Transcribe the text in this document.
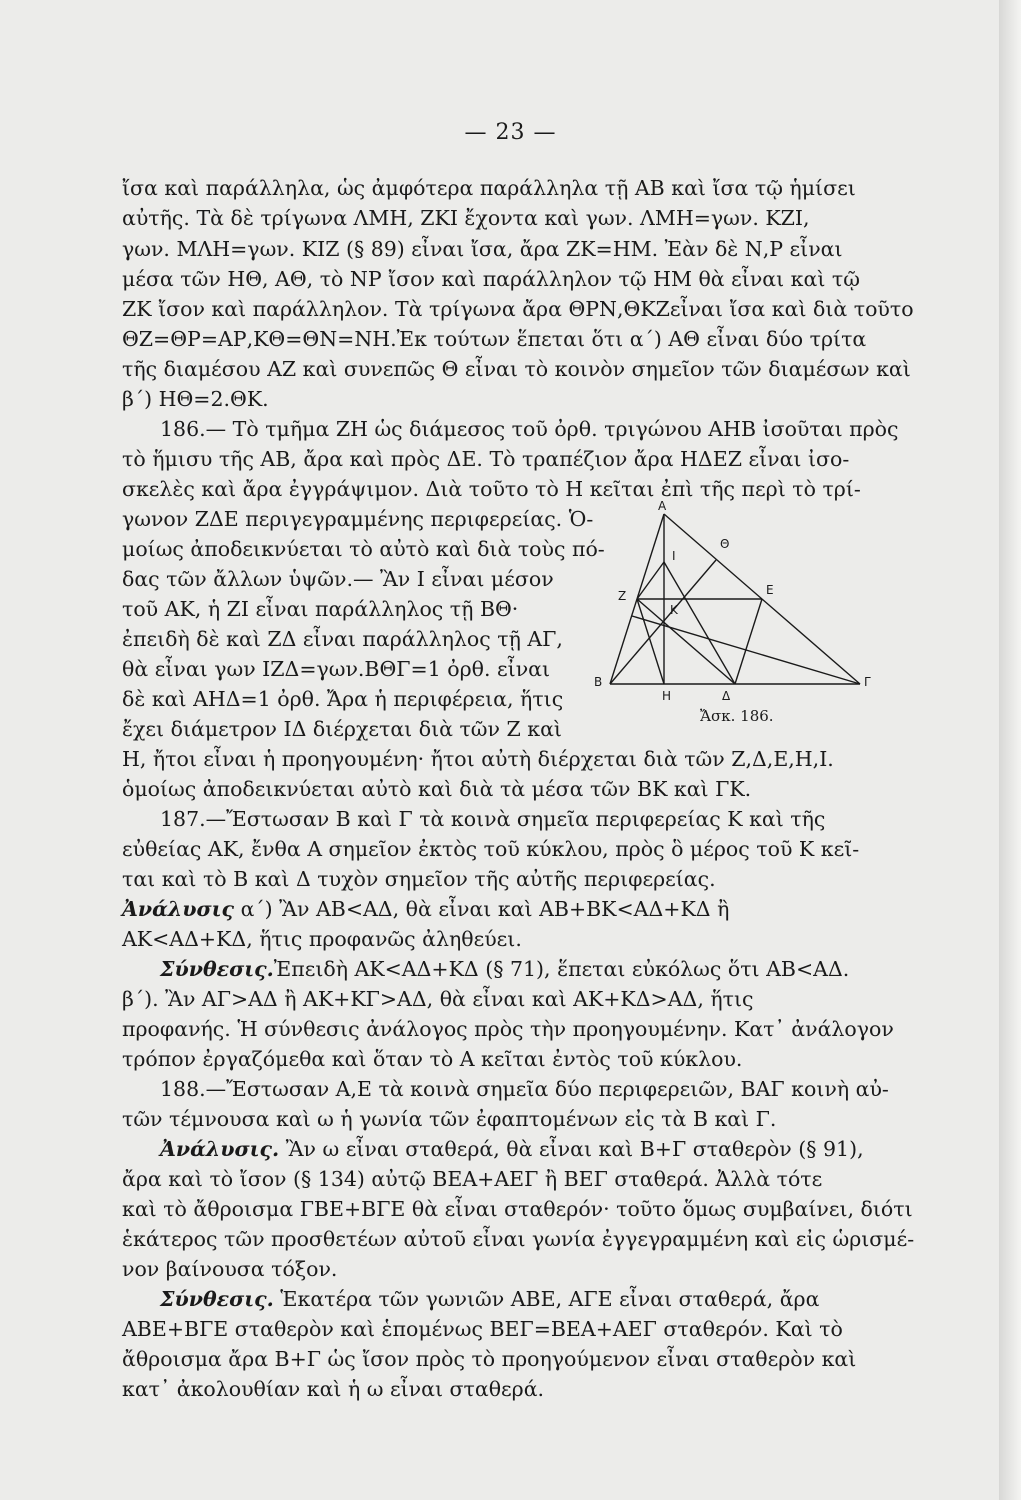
— 23 —
ἴσα καὶ παράλληλα, ὡς ἀμφότερα παράλληλα τῇ ΑΒ καὶ ἴσα τῷ ἡμίσει
αὐτῆς. Τὰ δὲ τρίγωνα ΛΜΗ, ΖΚΙ ἔχοντα καὶ γων. ΛΜΗ=γων. ΚΖΙ,
γων. ΜΛΗ=γων. ΚΙΖ (§ 89) εἶναι ἴσα, ἄρα ΖΚ=ΗΜ. Ἐὰν δὲ Ν,Ρ εἶναι
μέσα τῶν ΗΘ, ΑΘ, τὸ ΝΡ ἴσον καὶ παράλληλον τῷ ΗΜ θὰ εἶναι καὶ τῷ
ΖΚ ἴσον καὶ παράλληλον. Τὰ τρίγωνα ἄρα ΘΡΝ,ΘΚΖεἶναι ἴσα καὶ διὰ τοῦτο
ΘΖ=ΘΡ=ΑΡ,ΚΘ=ΘΝ=ΝΗ.Ἐκ τούτων ἕπεται ὅτι α΄) ΑΘ εἶναι δύο τρίτα
τῆς διαμέσου ΑΖ καὶ συνεπῶς Θ εἶναι τὸ κοινὸν σημεῖον τῶν διαμέσων καὶ
β΄) ΗΘ=2.ΘΚ.
186.— Τὸ τμῆμα ΖΗ ὡς διάμεσος τοῦ ὀρθ. τριγώνου ΑΗΒ ἰσοῦται πρὸς
τὸ ἥμισυ τῆς ΑΒ, ἄρα καὶ πρὸς ΔΕ. Τὸ τραπέζιον ἄρα ΗΔΕΖ εἶναι ἰσο-
σκελὲς καὶ ἄρα ἐγγράψιμον. Διὰ τοῦτο τὸ Η κεῖται ἐπὶ τῆς περὶ τὸ τρί-
γωνον ΖΔΕ περιγεγραμμένης περιφερείας. Ὁ-
μοίως ἀποδεικνύεται τὸ αὐτὸ καὶ διὰ τοὺς πό-
δας τῶν ἄλλων ὑψῶν.— Ἂν Ι εἶναι μέσον
τοῦ ΑΚ, ἡ ΖΙ εἶναι παράλληλος τῇ ΒΘ·
ἐπειδὴ δὲ καὶ ΖΔ εἶναι παράλληλος τῇ ΑΓ,
θὰ εἶναι γων ΙΖΔ=γων.ΒΘΓ=1 ὀρθ. εἶναι
δὲ καὶ ΑΗΔ=1 ὀρθ. Ἄρα ἡ περιφέρεια, ἥτις
ἔχει διάμετρον ΙΔ διέρχεται διὰ τῶν Ζ καὶ
Η, ἤτοι εἶναι ἡ προηγουμένη· ἤτοι αὐτὴ διέρχεται διὰ τῶν Ζ,Δ,Ε,Η,Ι.
ὁμοίως ἀποδεικνύεται αὐτὸ καὶ διὰ τὰ μέσα τῶν ΒΚ καὶ ΓΚ.
187.—Ἔστωσαν Β καὶ Γ τὰ κοινὰ σημεῖα περιφερείας Κ καὶ τῆς
εὐθείας ΑΚ, ἔνθα Α σημεῖον ἐκτὸς τοῦ κύκλου, πρὸς ὃ μέρος τοῦ Κ κεῖ-
ται καὶ τὸ Β καὶ Δ τυχὸν σημεῖον τῆς αὐτῆς περιφερείας.
Ἀνάλυσις α΄) Ἂν ΑΒ<ΑΔ, θὰ εἶναι καὶ ΑΒ+ΒΚ<ΑΔ+ΚΔ ἢ
ΑΚ<ΑΔ+ΚΔ, ἥτις προφανῶς ἀληθεύει.
Σύνθεσις.Ἐπειδὴ ΑΚ<ΑΔ+ΚΔ (§ 71), ἕπεται εὐκόλως ὅτι ΑΒ<ΑΔ.
β΄). Ἂν ΑΓ>ΑΔ ἢ ΑΚ+ΚΓ>ΑΔ, θὰ εἶναι καὶ ΑΚ+ΚΔ>ΑΔ, ἥτις
προφανής. Ἡ σύνθεσις ἀνάλογος πρὸς τὴν προηγουμένην. Κατ᾽ ἀνάλογον
τρόπον ἐργαζόμεθα καὶ ὅταν τὸ Α κεῖται ἐντὸς τοῦ κύκλου.
188.—Ἔστωσαν Α,Ε τὰ κοινὰ σημεῖα δύο περιφερειῶν, ΒΑΓ κοινὴ αὐ-
τῶν τέμνουσα καὶ ω ἡ γωνία τῶν ἐφαπτομένων εἰς τὰ Β καὶ Γ.
Ἀνάλυσις. Ἂν ω εἶναι σταθερά, θὰ εἶναι καὶ Β+Γ σταθερὸν (§ 91),
ἄρα καὶ τὸ ἴσον (§ 134) αὐτῷ ΒΕΑ+ΑΕΓ ἢ ΒΕΓ σταθερά. Ἀλλὰ τότε
καὶ τὸ ἄθροισμα ΓΒΕ+ΒΓΕ θὰ εἶναι σταθερόν· τοῦτο ὅμως συμβαίνει, διότι
ἑκάτερος τῶν προσθετέων αὐτοῦ εἶναι γωνία ἐγγεγραμμένη καὶ εἰς ὡρισμέ-
νον βαίνουσα τόξον.
Σύνθεσις. Ἑκατέρα τῶν γωνιῶν ΑΒΕ, ΑΓΕ εἶναι σταθερά, ἄρα
ΑΒΕ+ΒΓΕ σταθερὸν καὶ ἑπομένως ΒΕΓ=ΒΕΑ+ΑΕΓ σταθερόν. Καὶ τὸ
ἄθροισμα ἄρα Β+Γ ὡς ἴσον πρὸς τὸ προηγούμενον εἶναι σταθερὸν καὶ
κατ᾽ ἀκολουθίαν καὶ ἡ ω εἶναι σταθερά.
Α
Θ
Ι
Ε
Ζ
Κ
Β
Η	Δ
Γ
Ἄσκ. 186.
